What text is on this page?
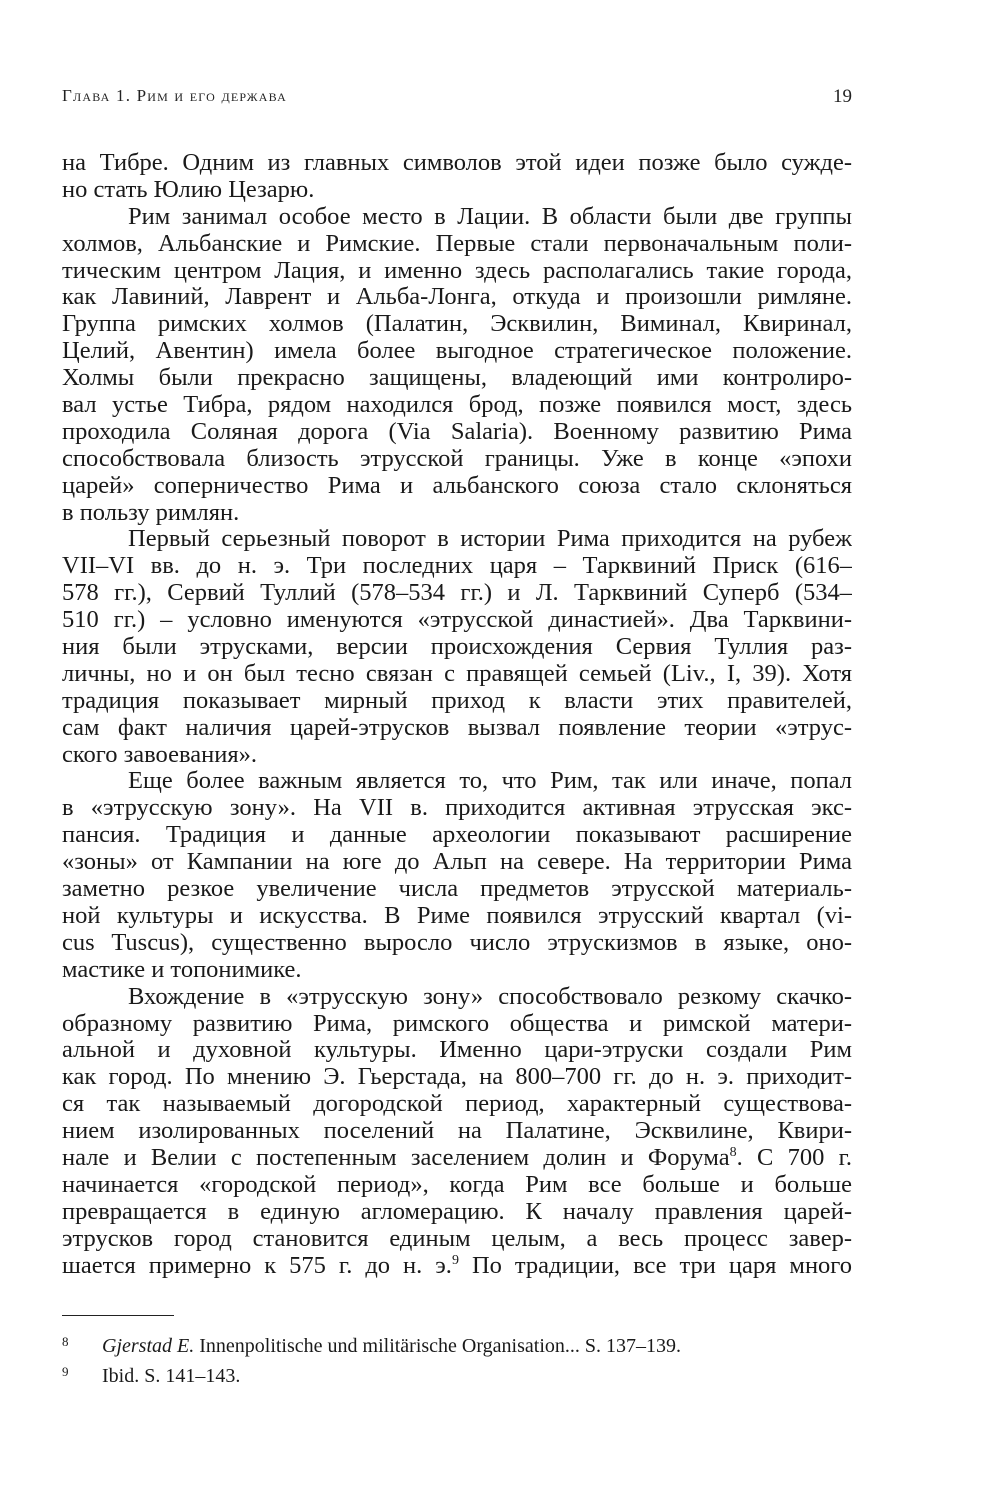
Глава 1. Рим и его держава	19
на Тибре. Одним из главных символов этой идеи позже было сужде-
но стать Юлию Цезарю.
Рим занимал особое место в Лации. В области были две группы
холмов, Альбанские и Римские. Первые стали первоначальным поли-
тическим центром Лация, и именно здесь располагались такие города,
как Лавиний, Лаврент и Альба-Лонга, откуда и произошли римляне.
Группа римских холмов (Палатин, Эсквилин, Виминал, Квиринал,
Целий, Авентин) имела более выгодное стратегическое положение.
Холмы были прекрасно защищены, владеющий ими контролиро-
вал устье Тибра, рядом находился брод, позже появился мост, здесь
проходила Соляная дорога (Via Salaria). Военному развитию Рима
способствовала близость этрусской границы. Уже в конце «эпохи
царей» соперничество Рима и альбанского союза стало склоняться
в пользу римлян.
Первый серьезный поворот в истории Рима приходится на рубеж
VII–VI вв. до н. э. Три последних царя – Тарквиний Приск (616–
578 гг.), Сервий Туллий (578–534 гг.) и Л. Тарквиний Суперб (534–
510 гг.) – условно именуются «этрусской династией». Два Тарквини-
ния были этрусками, версии происхождения Сервия Туллия раз-
личны, но и он был тесно связан с правящей семьей (Liv., I, 39). Хотя
традиция показывает мирный приход к власти этих правителей,
сам факт наличия царей-этрусков вызвал появление теории «этрус-
ского завоевания».
Еще более важным является то, что Рим, так или иначе, попал
в «этрусскую зону». На VII в. приходится активная этрусская экс-
пансия. Традиция и данные археологии показывают расширение
«зоны» от Кампании на юге до Альп на севере. На территории Рима
заметно резкое увеличение числа предметов этрусской материаль-
ной культуры и искусства. В Риме появился этрусский квартал (vi-
cus Tuscus), существенно выросло число этрускизмов в языке, оно-
мастике и топонимике.
Вхождение в «этрусскую зону» способствовало резкому скачко-
образному развитию Рима, римского общества и римской матери-
альной и духовной культуры. Именно цари-этруски создали Рим
как город. По мнению Э. Гьерстада, на 800–700 гг. до н. э. приходит-
ся так называемый догородской период, характерный существова-
нием изолированных поселений на Палатине, Эсквилине, Квири-
нале и Велии с постепенным заселением долин и Форума$^8$. С 700 г.
начинается «городской период», когда Рим все больше и больше
превращается в единую агломерацию. К началу правления царей-
этрусков город становится единым целым, а весь процесс завер-
шается примерно к 575 г. до н. э.$^9$ По традиции, все три царя много
8 Gjerstad E. Innenpolitische und militärische Organisation... S. 137–139.
9 Ibid. S. 141–143.
